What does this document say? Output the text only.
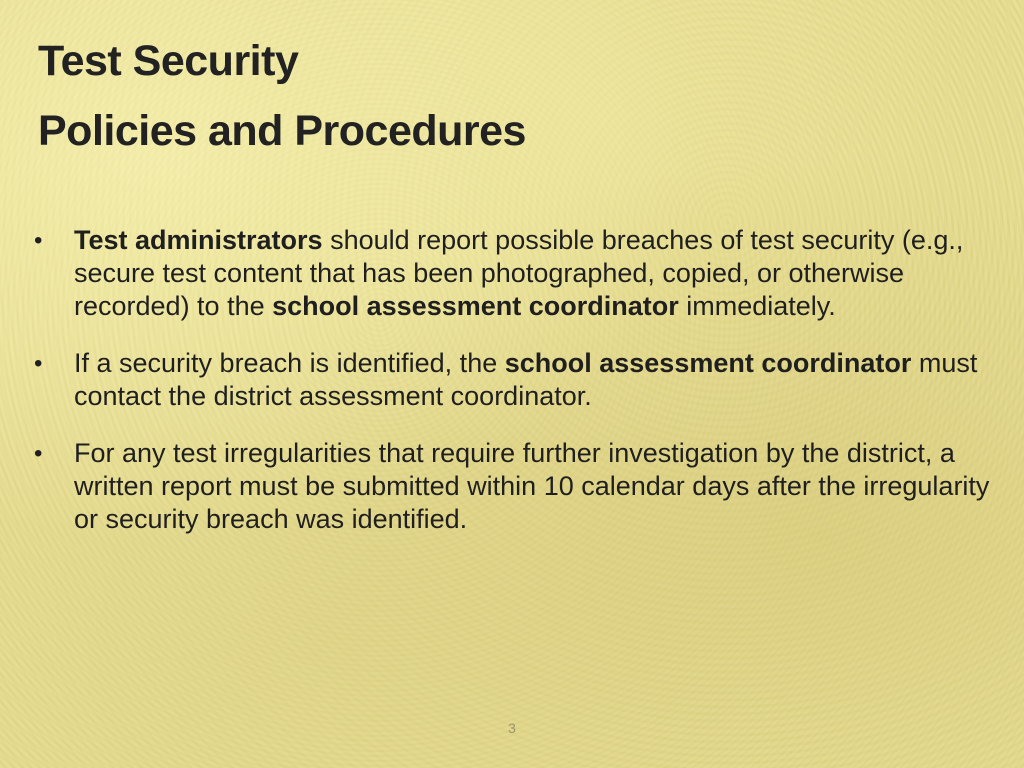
Test Security
Policies and Procedures
•	Test administrators should report possible breaches of test security (e.g., secure test content that has been photographed, copied, or otherwise recorded) to the school assessment coordinator immediately.
•	If a security breach is identified, the school assessment coordinator must contact the district assessment coordinator.
•	For any test irregularities that require further investigation by the district, a written report must be submitted within 10 calendar days after the irregularity or security breach was identified.
3
